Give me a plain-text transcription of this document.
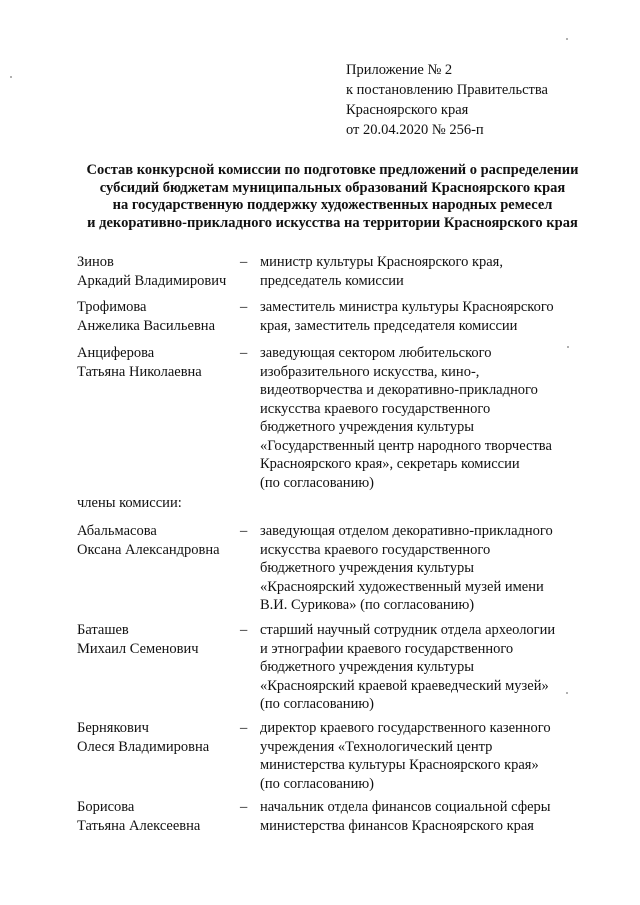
Приложение № 2
к постановлению Правительства
Красноярского края
от 20.04.2020 № 256-п
Состав конкурсной комиссии по подготовке предложений о распределении
субсидий бюджетам муниципальных образований Красноярского края
на государственную поддержку художественных народных ремесел
и декоративно-прикладного искусства на территории Красноярского края
Зинов
Аркадий Владимирович
– министр культуры Красноярского края,
председатель комиссии
Трофимова
Анжелика Васильевна
– заместитель министра культуры Красноярского
края, заместитель председателя комиссии
Анциферова
Татьяна Николаевна
– заведующая сектором любительского
изобразительного искусства, кино-,
видеотворчества и декоративно-прикладного
искусства краевого государственного
бюджетного учреждения культуры
«Государственный центр народного творчества
Красноярского края», секретарь комиссии
(по согласованию)
члены комиссии:
Абальмасова
Оксана Александровна
– заведующая отделом декоративно-прикладного
искусства краевого государственного
бюджетного учреждения культуры
«Красноярский художественный музей имени
В.И. Сурикова» (по согласованию)
Баташев
Михаил Семенович
– старший научный сотрудник отдела археологии
и этнографии краевого государственного
бюджетного учреждения культуры
«Красноярский краевой краеведческий музей»
(по согласованию)
Бернякович
Олеся Владимировна
– директор краевого государственного казенного
учреждения «Технологический центр
министерства культуры Красноярского края»
(по согласованию)
Борисова
Татьяна Алексеевна
– начальник отдела финансов социальной сферы
министерства финансов Красноярского края
